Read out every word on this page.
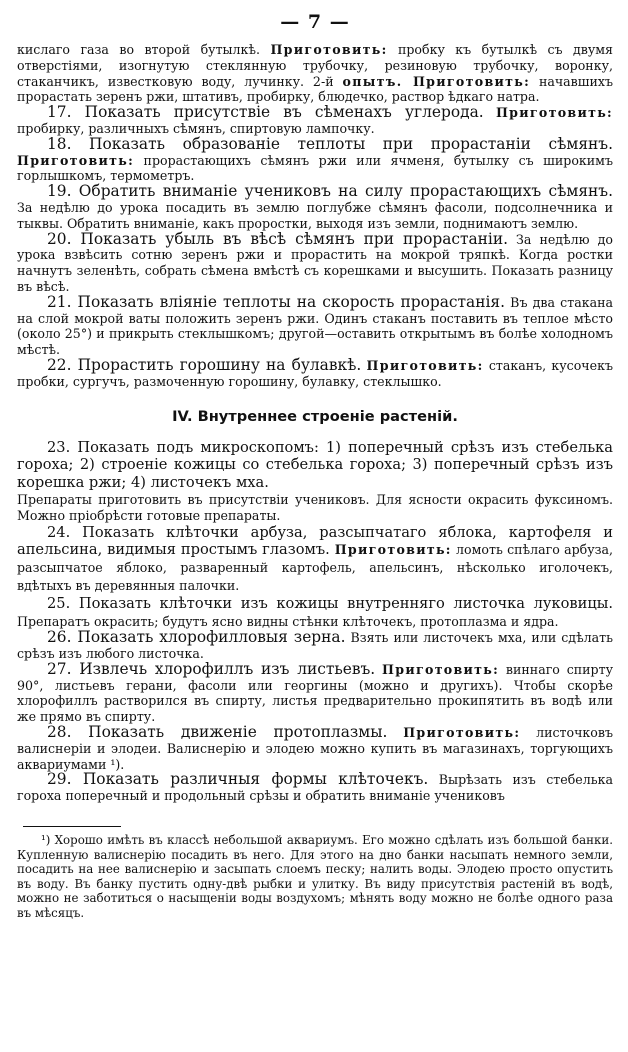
— 7 —

кислаго газа во второй бутылкѣ. Приготовить: пробку къ бутылкѣ съ двумя отверстіями, изогнутую стеклянную трубочку, резиновую трубочку, воронку, стаканчикъ, известковую воду, лучинку. 2-й опытъ. Приготовить: начавшихъ прорастать зеренъ ржи, штативъ, пробирку, блюдечко, раствор ѣдкаго натра.

17. Показать присутствіе въ сѣменахъ углерода. Приготовить: пробирку, различныхъ сѣмянъ, спиртовую лампочку.

18. Показать образованіе теплоты при прорастаніи сѣмянъ. Приготовить: прорастающихъ сѣмянъ ржи или ячменя, бутылку съ широкимъ горлышкомъ, термометръ.

19. Обратить вниманіе учениковъ на силу прорастающихъ сѣмянъ. За недѣлю до урока посадить въ землю поглубже сѣмянъ фасоли, подсолнечника и тыквы. Обратить вниманіе, какъ проростки, выходя изъ земли, поднимаютъ землю.

20. Показать убыль въ вѣсѣ сѣмянъ при прорастаніи. За недѣлю до урока взвѣсить сотню зеренъ ржи и прорастить на мокрой тряпкѣ. Когда ростки начнутъ зеленѣть, собрать сѣмена вмѣстѣ съ корешками и высушить. Показать разницу въ вѣсѣ.

21. Показать вліяніе теплоты на скорость прорастанія. Въ два стакана на слой мокрой ваты положить зеренъ ржи. Одинъ стаканъ поставить въ теплое мѣсто (около 25°) и прикрыть стеклышкомъ; другой—оставить открытымъ въ болѣе холодномъ мѣстѣ.

22. Прорастить горошину на булавкѣ. Приготовить: стаканъ, кусочекъ пробки, сургучъ, размоченную горошину, булавку, стеклышко.

IV. Внутреннее строеніе растеній.

23. Показать подъ микроскопомъ: 1) поперечный срѣзъ изъ стебелька гороха; 2) строеніе кожицы со стебелька гороха; 3) поперечный срѣзъ изъ корешка ржи; 4) листочекъ мха.

Препараты приготовить въ присутствіи учениковъ. Для ясности окрасить фуксиномъ. Можно пріобрѣсти готовые препараты.

24. Показать клѣточки арбуза, разсыпчатаго яблока, картофеля и апельсина, видимыя простымъ глазомъ. Приготовить: ломоть спѣлаго арбуза, разсыпчатое яблоко, разваренный картофель, апельсинъ, нѣсколько иголочекъ, вдѣтыхъ въ деревянныя палочки.

25. Показать клѣточки изъ кожицы внутренняго листочка луковицы. Препаратъ окрасить; будутъ ясно видны стѣнки клѣточекъ, протоплазма и ядра.

26. Показать хлорофилловыя зерна. Взять или листочекъ мха, или сдѣлать срѣзъ изъ любого листочка.

27. Извлечь хлорофиллъ изъ листьевъ. Приготовить: виннаго спирту 90°, листьевъ герани, фасоли или георгины (можно и другихъ). Чтобы скорѣе хлорофиллъ растворился въ спирту, листья предварительно прокипятить въ водѣ или же прямо въ спирту.

28. Показать движеніе протоплазмы. Приготовить: листочковъ валиснеріи и элодеи. Валиснерію и элодею можно купить въ магазинахъ, торгующихъ аквариумами ¹).

29. Показать различныя формы клѣточекъ. Вырѣзать изъ стебелька гороха поперечный и продольный срѣзы и обратить вниманіе учениковъ

¹) Хорошо имѣть въ классѣ небольшой аквариумъ. Его можно сдѣлать изъ большой банки. Купленную валиснерію посадить въ него. Для этого на дно банки насыпать немного земли, посадить на нее валиснерію и засыпать слоемъ песку; налить воды. Элодею просто опустить въ воду. Въ банку пустить одну-двѣ рыбки и улитку. Въ виду присутствія растеній въ водѣ, можно не заботиться о насыщеніи воды воздухомъ; мѣнять воду можно не болѣе одного раза въ мѣсяцъ.
